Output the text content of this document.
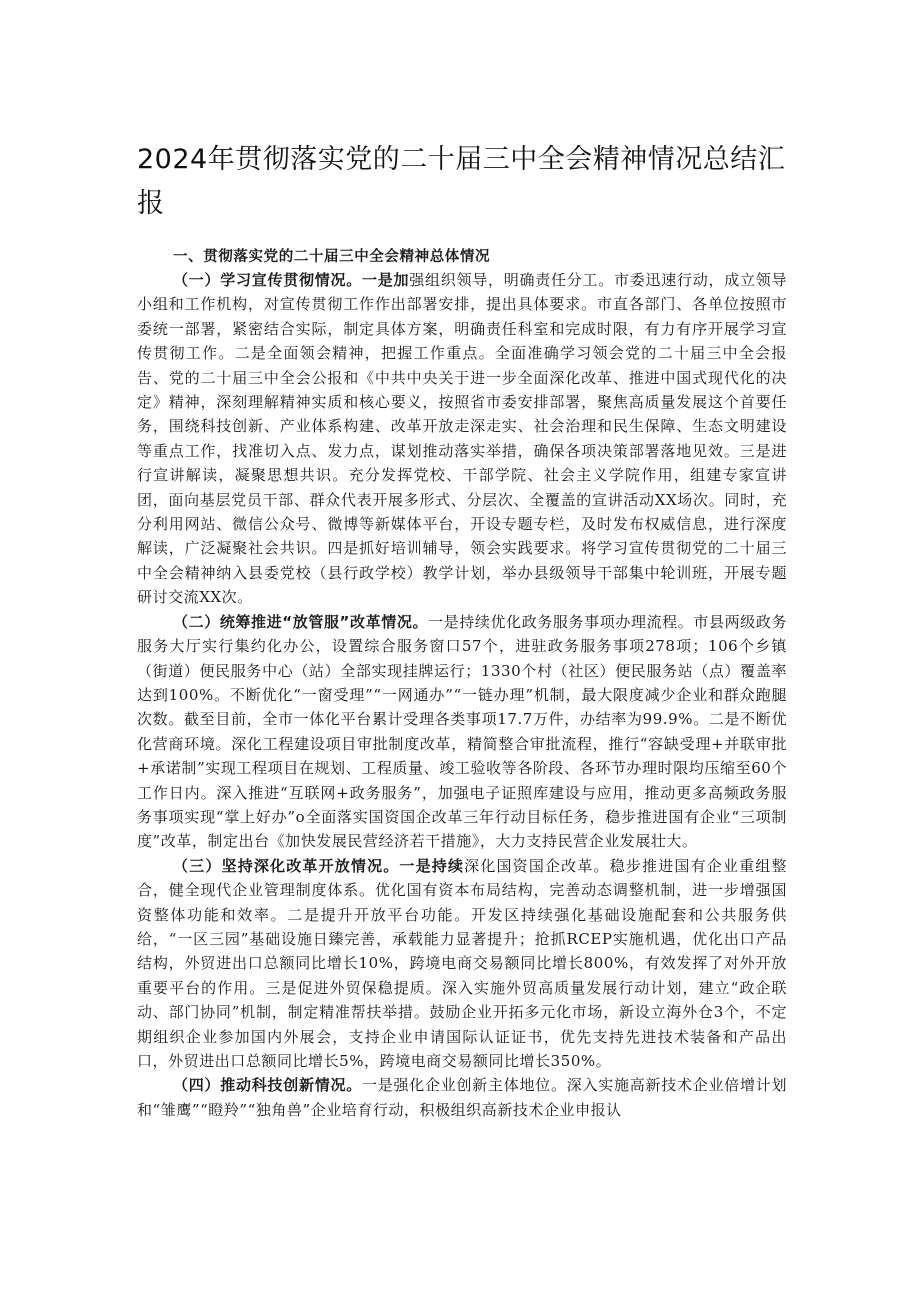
2024年贯彻落实党的二十届三中全会精神情况总结汇报

一、贯彻落实党的二十届三中全会精神总体情况

（一）学习宣传贯彻情况。一是加强组织领导，明确责任分工。市委迅速行动，成立领导小组和工作机构，对宣传贯彻工作作出部署安排，提出具体要求。市直各部门、各单位按照市委统一部署，紧密结合实际，制定具体方案，明确责任科室和完成时限，有力有序开展学习宣传贯彻工作。二是全面领会精神，把握工作重点。全面准确学习领会党的二十届三中全会报告、党的二十届三中全会公报和《中共中央关于进一步全面深化改革、推进中国式现代化的决定》精神，深刻理解精神实质和核心要义，按照省市委安排部署，聚焦高质量发展这个首要任务，围绕科技创新、产业体系构建、改革开放走深走实、社会治理和民生保障、生态文明建设等重点工作，找准切入点、发力点，谋划推动落实举措，确保各项决策部署落地见效。三是进行宣讲解读，凝聚思想共识。充分发挥党校、干部学院、社会主义学院作用，组建专家宣讲团，面向基层党员干部、群众代表开展多形式、分层次、全覆盖的宣讲活动XX场次。同时，充分利用网站、微信公众号、微博等新媒体平台，开设专题专栏，及时发布权威信息，进行深度解读，广泛凝聚社会共识。四是抓好培训辅导，领会实践要求。将学习宣传贯彻党的二十届三中全会精神纳入县委党校（县行政学校）教学计划，举办县级领导干部集中轮训班，开展专题研讨交流XX次。

（二）统筹推进“放管服”改革情况。一是持续优化政务服务事项办理流程。市县两级政务服务大厅实行集约化办公，设置综合服务窗口57个，进驻政务服务事项278项；106个乡镇（街道）便民服务中心（站）全部实现挂牌运行；1330个村（社区）便民服务站（点）覆盖率达到100%。不断优化“一窗受理”“一网通办”“一链办理”机制，最大限度减少企业和群众跑腿次数。截至目前，全市一体化平台累计受理各类事项17.7万件，办结率为99.9%。二是不断优化营商环境。深化工程建设项目审批制度改革，精简整合审批流程，推行“容缺受理+并联审批+承诺制”实现工程项目在规划、工程质量、竣工验收等各阶段、各环节办理时限均压缩至60个工作日内。深入推进“互联网+政务服务”，加强电子证照库建设与应用，推动更多高频政务服务事项实现“掌上好办”o全面落实国资国企改革三年行动目标任务，稳步推进国有企业“三项制度”改革，制定出台《加快发展民营经济若干措施》，大力支持民营企业发展壮大。

（三）坚持深化改革开放情况。一是持续深化国资国企改革。稳步推进国有企业重组整合，健全现代企业管理制度体系。优化国有资本布局结构，完善动态调整机制，进一步增强国资整体功能和效率。二是提升开放平台功能。开发区持续强化基础设施配套和公共服务供给，“一区三园”基础设施日臻完善，承载能力显著提升；抢抓RCEP实施机遇，优化出口产品结构，外贸进出口总额同比增长10%，跨境电商交易额同比增长800%，有效发挥了对外开放重要平台的作用。三是促进外贸保稳提质。深入实施外贸高质量发展行动计划，建立“政企联动、部门协同”机制，制定精准帮扶举措。鼓励企业开拓多元化市场，新设立海外仓3个，不定期组织企业参加国内外展会，支持企业申请国际认证证书，优先支持先进技术装备和产品出口，外贸进出口总额同比增长5%，跨境电商交易额同比增长350%。

（四）推动科技创新情况。一是强化企业创新主体地位。深入实施高新技术企业倍增计划和“雏鹰”“瞪羚”“独角兽”企业培育行动，积极组织高新技术企业申报认
